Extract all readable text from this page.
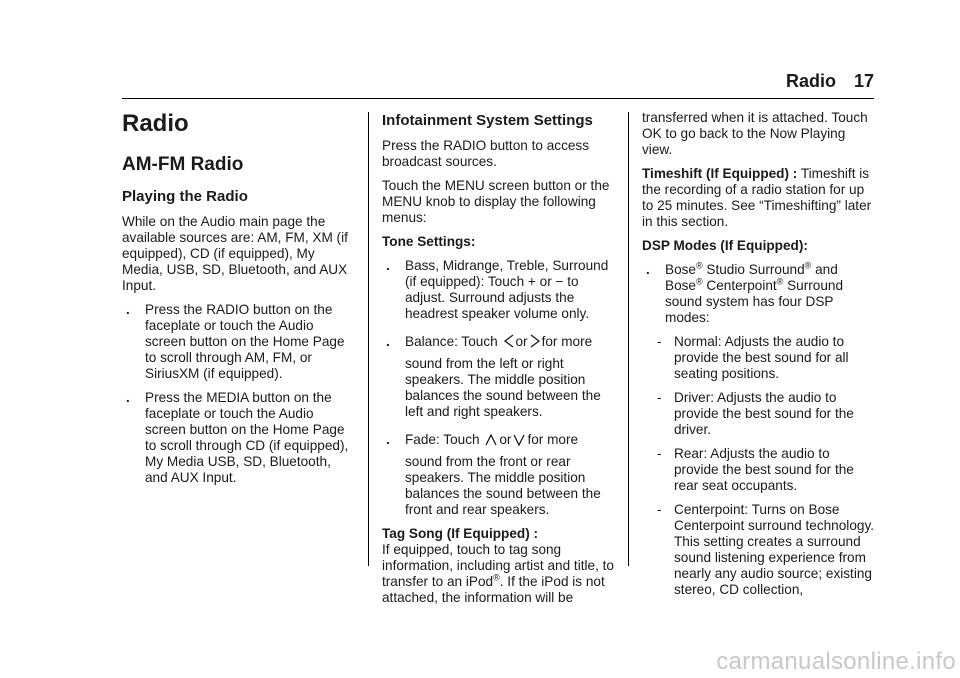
Radio 17
Radio
AM-FM Radio
Playing the Radio

While on the Audio main page the available sources are: AM, FM, XM (if equipped), CD (if equipped), My Media, USB, SD, Bluetooth, and AUX Input.

. Press the RADIO button on the faceplate or touch the Audio screen button on the Home Page to scroll through AM, FM, or SiriusXM (if equipped).
. Press the MEDIA button on the faceplate or touch the Audio screen button on the Home Page to scroll through CD (if equipped), My Media USB, SD, Bluetooth, and AUX Input.
Infotainment System Settings

Press the RADIO button to access broadcast sources.

Touch the MENU screen button or the MENU knob to display the following menus:

Tone Settings:

. Bass, Midrange, Treble, Surround (if equipped): Touch + or − to adjust. Surround adjusts the headrest speaker volume only.
. Balance: Touch or for more
sound from the left or right speakers. The middle position balances the sound between the left and right speakers.
. Fade: Touch or for more
sound from the front or rear speakers. The middle position balances the sound between the front and rear speakers.

Tag Song (If Equipped) :

If equipped, touch to tag song information, including artist and title, to transfer to an iPod®. If the iPod is not attached, the information will be
transferred when it is attached. Touch OK to go back to the Now Playing view.

Timeshift (If Equipped) : Timeshift is the recording of a radio station for up to 25 minutes. See “Timeshifting” later in this section.

DSP Modes (If Equipped):

. Bose® Studio Surround® and Bose® Centerpoint® Surround sound system has four DSP modes:
- Normal: Adjusts the audio to provide the best sound for all seating positions.
- Driver: Adjusts the audio to provide the best sound for the driver.
- Rear: Adjusts the audio to provide the best sound for the rear seat occupants.
- Centerpoint: Turns on Bose Centerpoint surround technology. This setting creates a surround sound listening experience from nearly any audio source; existing stereo, CD collection,
carmanualsonline.info
